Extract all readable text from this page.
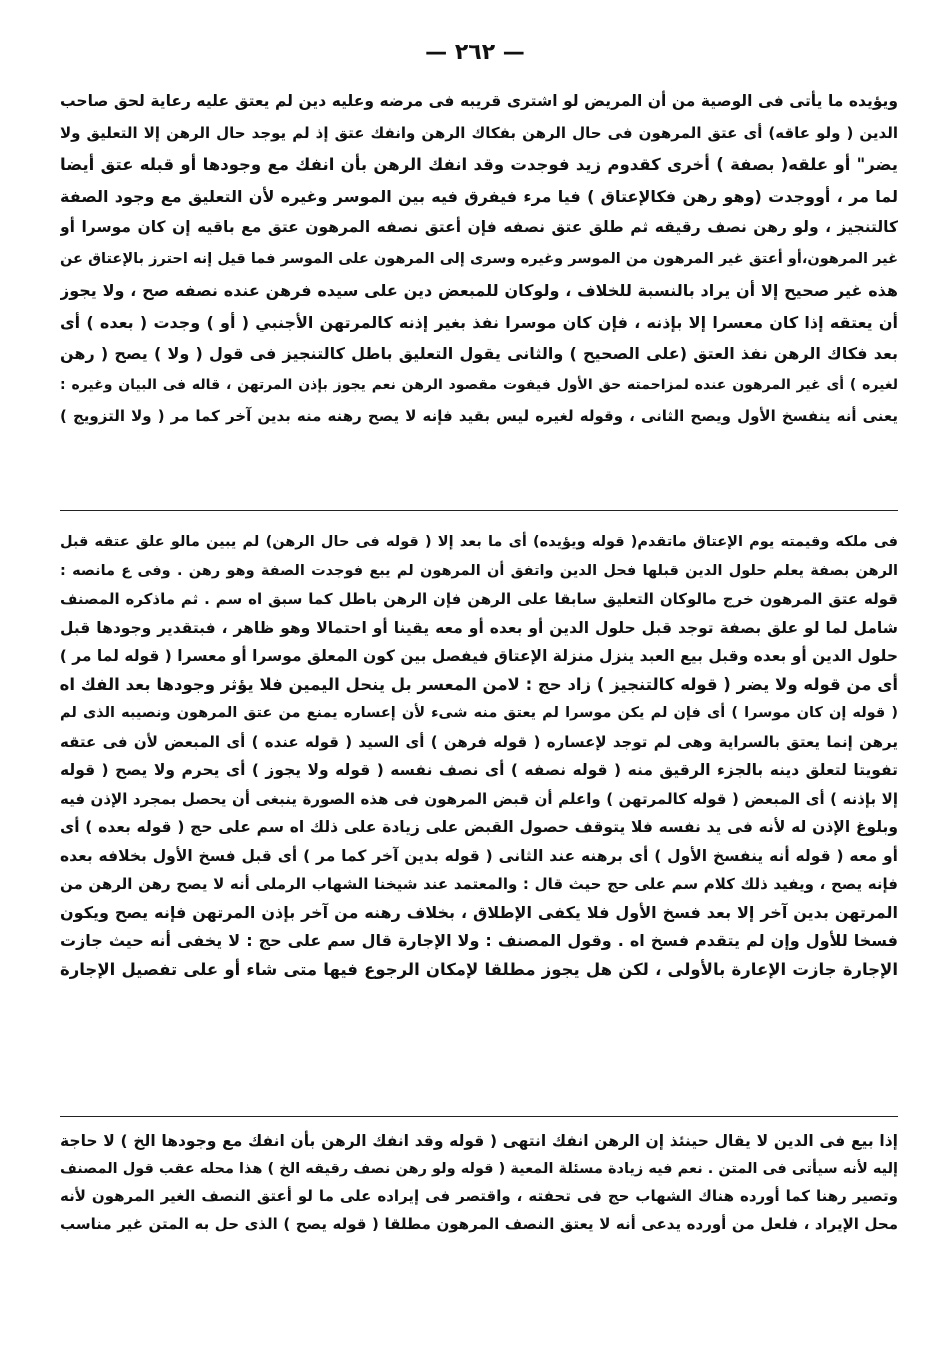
— ٢٦٢ —
ويؤيده ما يأتى فى الوصية من أن المريض لو اشترى قريبه فى مرضه وعليه دين لم يعتق عليه رعاية لحق صاحب
الدين ( ولو عاقه) أى عتق المرهون فى حال الرهن بفكاك الرهن وانفك عتق إذ لم يوجد حال الرهن إلا التعليق ولا
يضر" أو علقه( بصفة ) أخرى كقدوم زيد فوجدت وقد انفك الرهن بأن انفك مع وجودها أو قبله عتق أيضا
لما مر ، أووجدت (وهو رهن فكالإعتاق ) فيا مرء فيفرق فيه بين الموسر وغيره لأن التعليق مع وجود الصفة
كالتنجيز ، ولو رهن نصف رقيقه ثم طلق عتق نصفه فإن أعتق نصفه المرهون عتق مع باقيه إن كان موسرا أو
غير المرهون،أو أعتق غير المرهون من الموسر وغيره وسرى إلى المرهون على الموسر فما قيل إنه احترز بالإعتاق عن
هذه غير صحيح إلا أن يراد بالنسبة للخلاف ، ولوكان للمبعض دين على سيده فرهن عنده نصفه صح ، ولا يجوز
أن يعتقه إذا كان معسرا إلا بإذنه ، فإن كان موسرا نفذ بغير إذنه كالمرتهن الأجنبي ( أو ) وجدت ( بعده ) أى
بعد فكاك الرهن نفذ العتق (على الصحيح ) والثانى يقول التعليق باطل كالتنجيز فى قول ( ولا ) يصح ( رهن
لغيره ) أى غير المرهون عنده لمزاحمته حق الأول فيفوت مقصود الرهن نعم يجوز بإذن المرتهن ، قاله فى البيان وغيره :
يعنى أنه ينفسخ الأول ويصح الثانى ، وقوله لغيره ليس بقيد فإنه لا يصح رهنه منه بدين آخر كما مر ( ولا التزويج )
فى ملكه وقيمته يوم الإعتاق ماتقدم( قوله ويؤيده) أى ما بعد إلا ( قوله فى حال الرهن) لم يبين مالو علق عتقه قبل
الرهن بصفة يعلم حلول الدين قبلها فحل الدين واتفق أن المرهون لم يبع فوجدت الصفة وهو رهن . وفى ع مانصه :
قوله عتق المرهون خرج مالوكان التعليق سابقا على الرهن فإن الرهن باطل كما سبق اه سم . ثم ماذكره المصنف
شامل لما لو علق بصفة توجد قبل حلول الدين أو بعده أو معه يقينا أو احتمالا وهو ظاهر ، فبتقدير وجودها قبل
حلول الدين أو بعده وقبل بيع العبد ينزل منزلة الإعتاق فيفصل بين كون المعلق موسرا أو معسرا ( قوله لما مر )
أى من قوله ولا يضر ( قوله كالتنجيز ) زاد حج : لامن المعسر بل ينحل اليمين فلا يؤثر وجودها بعد الفك اه
( قوله إن كان موسرا ) أى فإن لم يكن موسرا لم يعتق منه شىء لأن إعساره يمنع من عتق المرهون ونصيبه الذى لم
يرهن إنما يعتق بالسراية وهى لم توجد لإعساره ( قوله فرهن ) أى السيد ( قوله عنده ) أى المبعض لأن فى عتقه
تفويتا لتعلق دينه بالجزء الرقيق منه ( قوله نصفه ) أى نصف نفسه ( قوله ولا يجوز ) أى يحرم ولا يصح ( قوله
إلا بإذنه ) أى المبعض ( قوله كالمرتهن ) واعلم أن قبض المرهون فى هذه الصورة ينبغى أن يحصل بمجرد الإذن فيه
وبلوغ الإذن له لأنه فى يد نفسه فلا يتوقف حصول القبض على زيادة على ذلك اه سم على حج ( قوله بعده ) أى
أو معه ( قوله أنه ينفسخ الأول ) أى برهنه عند الثانى ( قوله بدين آخر كما مر ) أى قبل فسخ الأول بخلافه بعده
فإنه يصح ، ويفيد ذلك كلام سم على حج حيث قال : والمعتمد عند شيخنا الشهاب الرملى أنه لا يصح رهن الرهن من
المرتهن بدين آخر إلا بعد فسخ الأول فلا يكفى الإطلاق ، بخلاف رهنه من آخر بإذن المرتهن فإنه يصح ويكون
فسخا للأول وإن لم يتقدم فسخ اه . وقول المصنف : ولا الإجارة قال سم على حج : لا يخفى أنه حيث جازت
الإجارة جازت الإعارة بالأولى ، لكن هل يجوز مطلقا لإمكان الرجوع فيها متى شاء أو على تفصيل الإجارة
إذا بيع فى الدين لا يقال حينئذ إن الرهن انفك انتهى ( قوله وقد انفك الرهن بأن انفك مع وجودها الخ ) لا حاجة
إليه لأنه سيأتى فى المتن . نعم فيه زيادة مسئلة المعية ( قوله ولو رهن نصف رقيقه الخ ) هذا محله عقب قول المصنف
وتصير رهنا كما أورده هناك الشهاب حج فى تحفته ، واقتصر فى إيراده على ما لو أعتق النصف الغير المرهون لأنه
محل الإيراد ، فلعل من أورده يدعى أنه لا يعتق النصف المرهون مطلقا ( قوله يصح ) الذى حل به المتن غير مناسب
